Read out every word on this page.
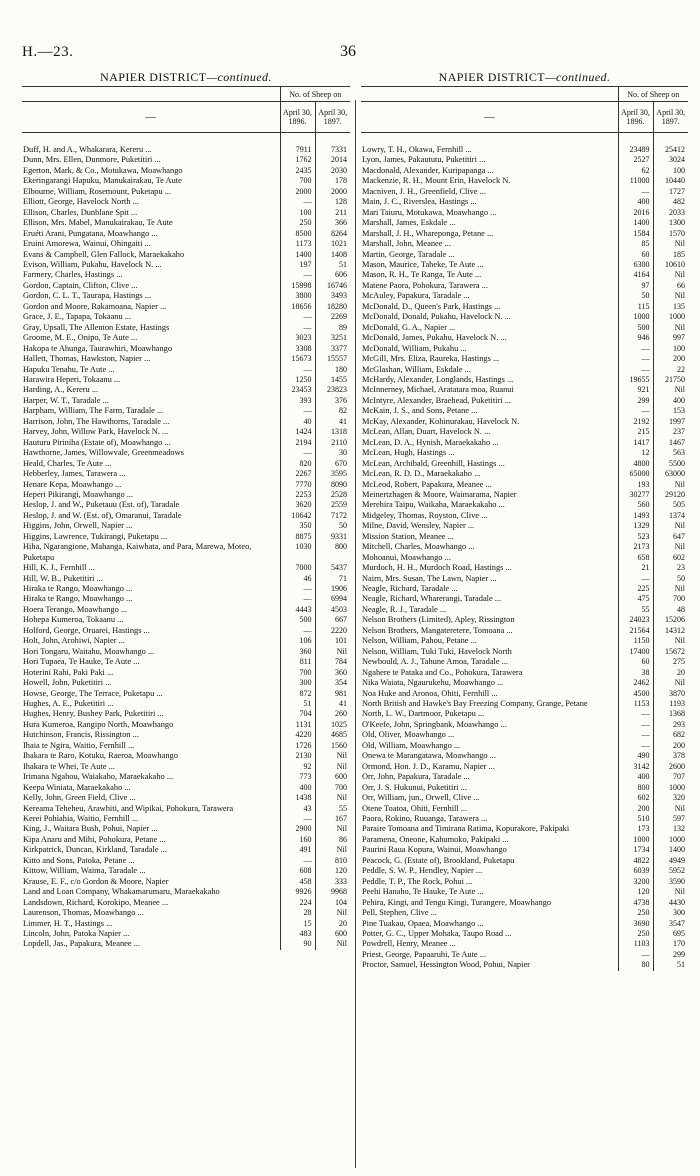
H.—23.	36
NAPIER DISTRICT—continued.
	No. of Sheep on	
—	April 30, 1896.	April 30, 1897.

Duff, H. and A., Whakarara, Kereru ...	7911	7331
Dunn, Mrs. Ellen, Dunmore, Puketitiri ...	1762	2014
Egerton, Mark, & Co., Motukawa, Moawhango	2435	2030
Ekeringarangi Hapuku, Manukairakau, Te Aute	700	178
Elbourne, William, Rosemount, Puketapu ...	2000	2000
Elliott, George, Havelock North ...	—	128
Ellison, Charles, Dunblane Spit ...	100	211
Ellison, Mrs. Mabel, Manukairakau, Te Aute	250	366
Eruéti Arani, Pungatana, Moawhango ...	8500	8264
Eruini Amorewa, Wainui, Ohingaiti ...	1173	1021
Evans & Campbell, Glen Fallock, Maraekakaho	1400	1408
Evison, William, Pukahu, Havelock N. ...	197	51
Farmery, Charles, Hastings ...	—	606
Gordon, Captain, Clifton, Clive ...	15998	16746
Gordon, C. L. T., Taurapa, Hastings ...	3800	3493
Gordon and Moore, Rakamoana, Napier ...	18656	18280
Grace, J. E., Tapapa, Tokaanu ...	—	2269
Gray, Upsall, The Allenton Estate, Hastings	—	89
Groome, M. E., Onipo, Te Aute ...	3023	3251
Hakopa te Ahunga, Taurawhiri, Moawhango	3308	3377
Hallett, Thomas, Hawkston, Napier ...	15673	15557
Hapuku Tenahu, Te Aute ...	—	180
Harawira Heperi, Tokaanu ...	1250	1455
Harding, A., Kereru ...	23453	23823
Harper, W. T., Taradale ...	393	376
Harpham, William, The Farm, Taradale ...	—	82
Harrison, John, The Hawthorns, Taradale ...	40	41
Harvey, John, Willow Park, Havelock N. ...	1424	1318
Hauturu Pirinihа (Estate of), Moawhango ...	2194	2110
Hawthorne, James, Willowvale, Greenmeadows	—	30
Heald, Charles, Te Aute ...	820	670
Hebberley, James, Tarawera ...	2267	3595
Henare Kepa, Moawhango ...	7770	8090
Heperi Pikirangi, Moawhango ...	2253	2528
Heslop, J. and W., Puketauu (Est. of), Taradale	3620	2559
Heslop, J. and W. (Est. of), Omaranui, Taradale	10642	7172
Higgins, John, Orwell, Napier ...	350	50
Higgins, Lawrence, Tukirangi, Puketapu ...	8875	9331
Hiha, Ngarangione, Mahanga, Kaiwhata, and Para, Marewa, Moteo, Puketapu	1030	800
Hill, K. J., Fernhill ...	7000	5437
Hill, W. B., Puketitiri ...	46	71
Hiraka te Rango, Moawhango ...	—	1906
Hiraka te Rango, Moawhango ...	—	6994
Hoera Terango, Moawhango ...	4443	4503
Hohepa Kumeroa, Tokaanu ...	500	667
Holford, George, Oruarei, Hastings ...	—	2220
Holt, John, Arohiwi, Napier ...	106	101
Hori Tongaru, Waitahu, Moawhango ...	360	Nil
Hori Tupaea, Te Hauke, Te Aute ...	811	784
Hoterini Rahi, Paki Paki ...	700	360
Howell, John, Puketitiri ...	300	354
Howse, George, The Terrace, Puketapu ...	872	981
Hughes, A. E., Puketitiri ...	51	41
Hughes, Henry, Bushey Park, Puketitiri ...	704	260
Hura Kumeroa, Rangipo North, Moawhango	1131	1025
Hutchinson, Francis, Rissington ...	4220	4685
Ihaia te Ngira, Waitio, Fernhill ...	1726	1560
Ihakara te Raro, Kotuku, Raeroa, Moawhango	2130	Nil
Ihakara te Whei, Te Aute ...	92	Nil
Irimana Ngahou, Waiakaho, Maraekakaho ...	773	600
Keepa Winiata, Maraekakaho ...	400	700
Kelly, John, Green Field, Clive ...	1438	Nil
Kereama Teheheu, Arawhiti, and Wipikai, Pohokura, Tarawera	43	55
Kerei Pohiahia, Waitio, Fernhill ...	—	167
King, J., Waitara Bush, Pohui, Napier ...	2900	Nil
Kipa Anaru and Mihi, Pohokura, Petane ...	160	86
Kirkpatrick, Duncan, Kirkland, Taradale ...	491	Nil
Kitto and Sons, Patoka, Petane ...	—	810
Kittow, William, Waima, Taradale ...	608	120
Krause, E. F., c/o Gordon & Moore, Napier	458	333
Land and Loan Company, Whakamarumaru, Maraekakaho	9926	9968
Landsdown, Richard, Korokipo, Meanee ...	224	104
Laurenson, Thomas, Moawhango ...	28	Nil
Limmer, H. T., Hastings ...	15	20
Lincoln, John, Patoka Napier ...	483	600
Lopdell, Jas., Papakura, Meanee ...	90	Nil
NAPIER DISTRICT—continued.
	No. of Sheep on	
—	April 30, 1896.	April 30, 1897.

Lowry, T. H., Okawa, Fernhill ...	23489	25412
Lyon, James, Pakaututu, Puketitiri ...	2527	3024
Macdonald, Alexander, Kuripapanga ...	62	100
Mackenzie, R. H., Mount Erin, Havelock N.	11000	10440
Macniven, J. H., Greenfield, Clive ...	—	1727
Main, J. C., Riverslea, Hastings ...	400	482
Mari Taiuru, Motukawa, Moawhango ...	2016	2033
Marshall, James, Eskdale ...	1400	1300
Marshall, J. H., Whareponga, Petane ...	1584	1570
Marshall, John, Meanee ...	85	Nil
Martin, George, Taradale ...	60	185
Mason, Maurice, Taheke, Te Aute ...	6300	10610
Mason, R. H., Te Ranga, Te Aute ...	4164	Nil
Matene Paora, Pohokura, Tarawera ...	97	66
McAuley, Papakura, Taradale ...	50	Nil
McDonald, D., Queen's Park, Hastings ...	115	135
McDonald, Donald, Pukahu, Havelock N. ...	1000	1000
McDonald, G. A., Napier ...	500	Nil
McDonald, James, Pukahu, Havelock N. ...	946	997
McDonald, William, Pukahu ...	—	100
McGill, Mrs. Eliza, Raureka, Hastings ...	—	200
McGlashan, William, Eskdale ...	—	22
McHardy, Alexander, Longlands, Hastings ...	19655	21750
McInnerney, Michael, Aratatara moa, Ruanui	921	Nil
McIntyre, Alexander, Braehead, Puketitiri ...	299	400
McKain, J. S., and Sons, Petane ...	—	153
McKay, Alexander, Kohinurakau, Havelock N.	2192	1997
McLean, Allan, Duart, Havelock N. ...	215	237
McLean, D. A., Hynish, Maraekakaho ...	1417	1467
McLean, Hugh, Hastings ...	12	563
McLean, Archibald, Greenhill, Hastings ...	4800	5500
McLean, R. D. D., Maraekakaho ...	65000	63000
McLeod, Robert, Papakura, Meanee ...	193	Nil
Meinertzhagen & Moore, Waimarama, Napier	30277	29120
Merehira Taipu, Waikaha, Maraekakaho ...	560	505
Midgeley, Thomas, Royston, Clive ...	1493	1374
Milne, David, Wensley, Napier ...	1329	Nil
Mission Station, Meanee ...	523	647
Mitchell, Charles, Moawhango ...	2173	Nil
Mohoanui, Moawhango ...	658	602
Murdoch, H. H., Murdoch Road, Hastings ...	21	23
Nairn, Mrs. Susan, The Lawn, Napier ...	—	50
Neagle, Richard, Taradale ...	225	Nil
Neagle, Richard, Wharerangi, Taradale ...	475	700
Neagle, R. J., Taradale ...	55	48
Nelson Brothers (Limited), Apley, Rissington	24023	15206
Nelson Brothers, Mangateretere, Tomoana ...	21564	14312
Nelson, William, Pahou, Petane ...	1150	Nil
Nelson, William, Tuki Tuki, Havelock North	17400	15672
Newbould, A. J., Tahune Amoa, Taradale ...	60	275
Ngahere te Pataka and Co., Pohokura, Tarawera	38	20
Nika Waiata, Ngaurukehu, Moawhango ...	2462	Nil
Noa Huke and Aronoa, Ohiti, Fernhill ...	4500	3870
North British and Hawke's Bay Freezing Company, Grange, Petane	1153	1193
North, L. W., Dartmoor, Puketapu ...	—	1368
O'Keefe, John, Springbank, Moawhango ...	—	293
Old, Oliver, Moawhango ...	—	682
Old, William, Moawhango ...	—	200
Onewa te Marangatawa, Moawhango ...	490	378
Ormond, Hon. J. D., Karamu, Napier ...	3142	2600
Orr, John, Papakura, Taradale ...	400	707
Orr, J. S. Hukunui, Puketitiri ...	800	1000
Orr, William, jun., Orwell, Clive ...	602	320
Otene Toatoa, Ohiti, Fernhill ...	200	Nil
Paora, Rokino, Ruuanga, Tarawera ...	510	597
Paraire Tomoana and Timirana Ratima, Kopurakore, Pakipaki	173	132
Paramena, Oneone, Kahumoko, Pakipaki ...	1000	1000
Paurini Raua Kopura, Wainui, Moawhango	1734	1400
Peacock, G. (Estate of), Brookland, Puketapu	4822	4949
Peddle, S. W. P., Hendley, Napier ...	6039	5952
Peddle, T. P., The Rock, Pohui ...	3200	3590
Peehi Hanaho, Te Hauke, Te Aute ...	120	Nil
Pehira, Kingi, and Tengu Kingi, Turangere, Moawhango	4738	4430
Pell, Stephen, Clive ...	250	300
Pine Tuakau, Opaea, Moawhango ...	3690	3547
Potter, G. C., Upper Mohaka, Taupo Road ...	250	695
Powdrell, Henry, Meanee ...	1103	170
Priest, George, Papaaruhi, Te Aute ...	—	299
Proctor, Samuel, Hessington Wood, Pohui, Napier	80	51
